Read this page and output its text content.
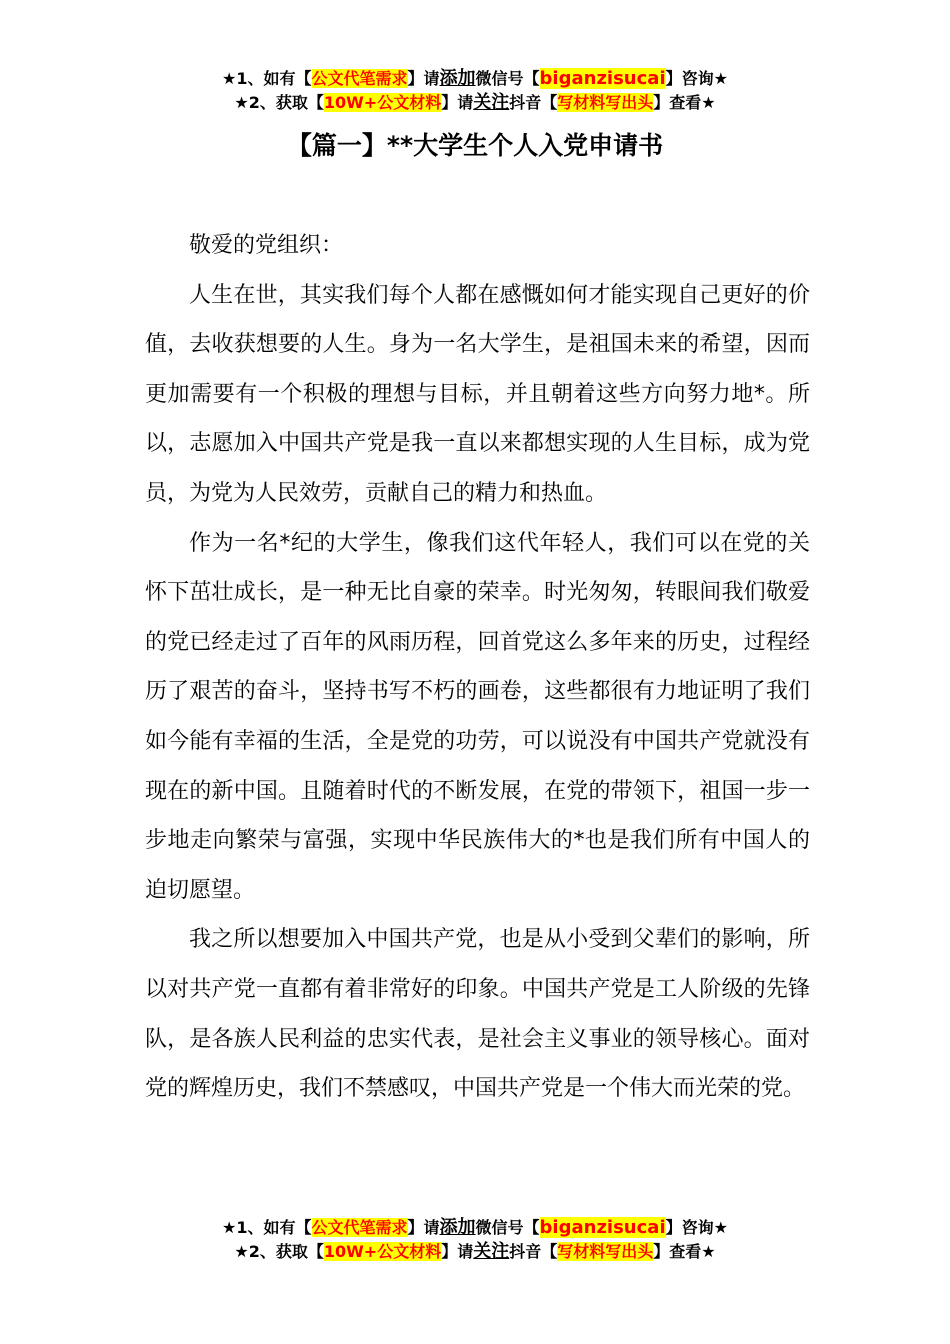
★1、如有【公文代笔需求】请添加微信号【biganzisucai】咨询★
★2、获取【10W+公文材料】请关注抖音【写材料写出头】查看★
【篇一】**大学生个人入党申请书

敬爱的党组织：

人生在世，其实我们每个人都在感慨如何才能实现自己更好的价值，去收获想要的人生。身为一名大学生，是祖国未来的希望，因而更加需要有一个积极的理想与目标，并且朝着这些方向努力地*。所以，志愿加入中国共产党是我一直以来都想实现的人生目标，成为党员，为党为人民效劳，贡献自己的精力和热血。

作为一名*纪的大学生，像我们这代年轻人，我们可以在党的关怀下茁壮成长，是一种无比自豪的荣幸。时光匆匆，转眼间我们敬爱的党已经走过了百年的风雨历程，回首党这么多年来的历史，过程经历了艰苦的奋斗，坚持书写不朽的画卷，这些都很有力地证明了我们如今能有幸福的生活，全是党的功劳，可以说没有中国共产党就没有现在的新中国。且随着时代的不断发展，在党的带领下，祖国一步一步地走向繁荣与富强，实现中华民族伟大的*也是我们所有中国人的迫切愿望。

我之所以想要加入中国共产党，也是从小受到父辈们的影响，所以对共产党一直都有着非常好的印象。中国共产党是工人阶级的先锋队，是各族人民利益的忠实代表，是社会主义事业的领导核心。面对党的辉煌历史，我们不禁感叹，中国共产党是一个伟大而光荣的党。

★1、如有【公文代笔需求】请添加微信号【biganzisucai】咨询★
★2、获取【10W+公文材料】请关注抖音【写材料写出头】查看★
